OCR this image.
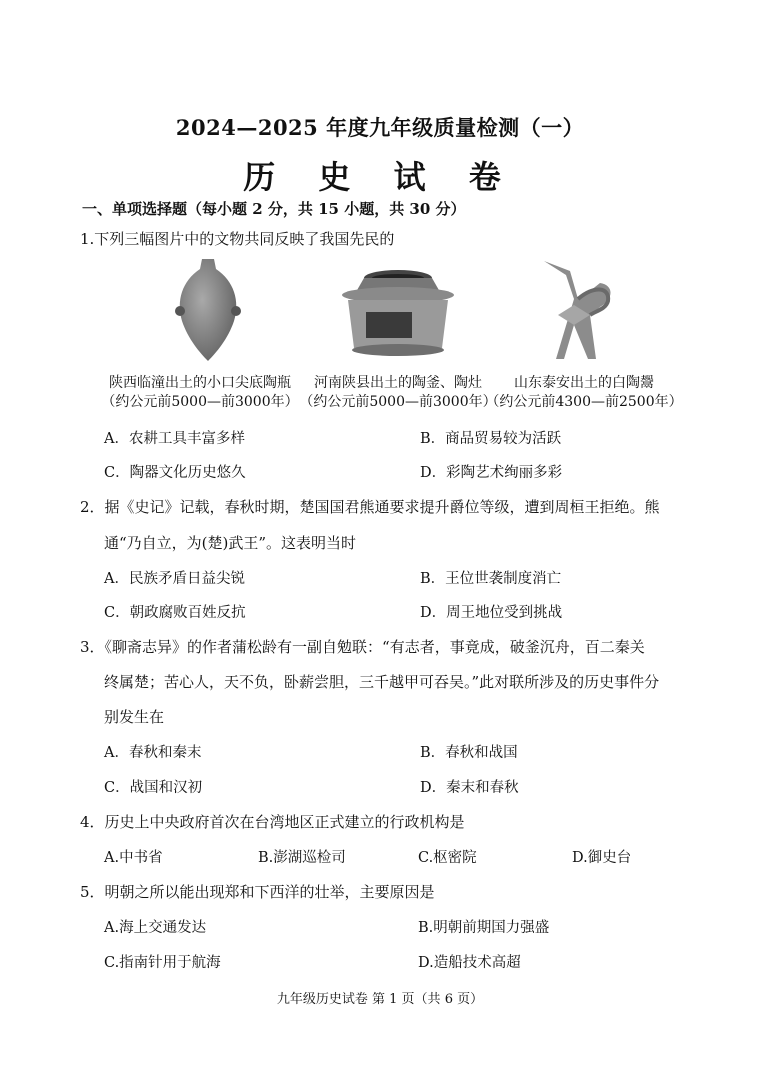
2024—2025 年度九年级质量检测（一）
历 史 试 卷
一、单项选择题（每小题 2 分，共 15 小题，共 30 分）
1.下列三幅图片中的文物共同反映了我国先民的
陕西临潼出土的小口尖底陶瓶
（约公元前5000—前3000年）
河南陕县出土的陶釜、陶灶
（约公元前5000—前3000年）
山东泰安出土的白陶鬶
（约公元前4300—前2500年）
A．农耕工具丰富多样	B．商品贸易较为活跃
C．陶器文化历史悠久	D．彩陶艺术绚丽多彩
2．据《史记》记载，春秋时期，楚国国君熊通要求提升爵位等级，遭到周桓王拒绝。熊
通“乃自立，为(楚)武王”。这表明当时
A．民族矛盾日益尖锐	B．王位世袭制度消亡
C．朝政腐败百姓反抗	D．周王地位受到挑战
3．《聊斋志异》的作者蒲松龄有一副自勉联：“有志者，事竟成，破釜沉舟，百二秦关
终属楚；苦心人，天不负，卧薪尝胆，三千越甲可吞吴。”此对联所涉及的历史事件分
别发生在
A．春秋和秦末	B．春秋和战国
C．战国和汉初	D．秦末和春秋
4．历史上中央政府首次在台湾地区正式建立的行政机构是
A.中书省	B.澎湖巡检司	C.枢密院	D.御史台
5．明朝之所以能出现郑和下西洋的壮举，主要原因是
A.海上交通发达	B.明朝前期国力强盛
C.指南针用于航海	D.造船技术高超
九年级历史试卷 第 1 页（共 6 页）
